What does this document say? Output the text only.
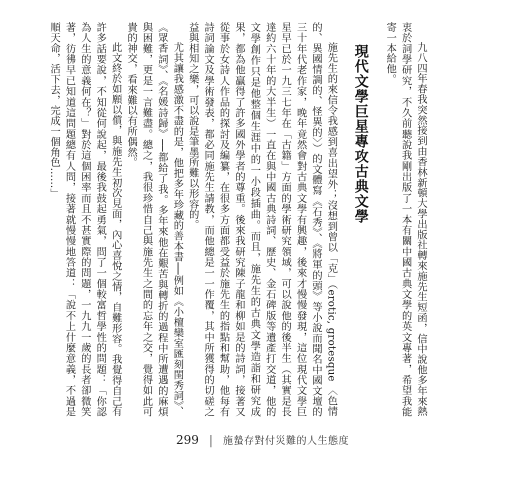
九八四年春我突然接到由香林新頓大學出版社轉來施先生短函，信中說他多年來熱衷於詞學研究，不久前聽說我剛出版了一本有關中國古典文學的英文專著，希望我能寄一本給他。

現代文學巨星專攻古典文學

施先生的來信令我感到喜出望外；沒想到曾以「克」（erotic, grotesque 〈色情的、異國情調的、怪異的〉）的文體寫《石秀》、《將軍的頭》等小說而聞名中國文壇的三十年代老作家，晚年竟然會對古典文學有興趣，後來才慢慢發現，這位現代文學巨星早已於一九三七年在「古籍」方面的學術研究領域，可以說他的後半生（其實是長達約六十年的大半生）一直在與中國古典詩詞、歷史、金石碑版等遺產打交道，他的文學創作只是他整個生涯中的一小段插曲。而且，施先生的古典文學造詣和研究成果，都為他贏得了許多國外學者的尊重。後來我研究陳子龍和柳如是的詩詞，接著又從事於女詩人作品的探討及編纂，在很多方面都受益於施先生的指點和幫助，他每有詩詞論文及學術發表，都必同施先生請教，而他總是一一作覆，其中所獲得的切磋之益與相知之樂，可以說是筆墨所難以形容的。

尤其讓我感激不盡的是，他把多年珍藏的善本書──例如《小檀欒室匯刻閨秀詞》、《眾香詞》、《名媛詩歸》──都給了我。多年來他在艱苦與轉折的過程中所遭遇的麻煩與困難，更是一言難盡。總之，我很珍惜自己與施先生之間的忘年之交，覺得如此可貴的神交，看來難以有所偶然。

此文終於如願以償，與施先生初次見面，內心喜悅之情，自難形容。我覺得自己有許多話要說，不知從何說起，最後我鼓起勇氣，問了一個較富哲學性的問題：「你認為人生的意義何在？」對於這個困率而且不甚實際的問題，一九九一歲的長者卻微笑著，彷彿早已知道這問題總有人問，接著就慢慢地答道：「說不上什麼意義，不過是順天命，活下去，完成一個角色……」

299 | 施蟄存對付災難的人生態度
